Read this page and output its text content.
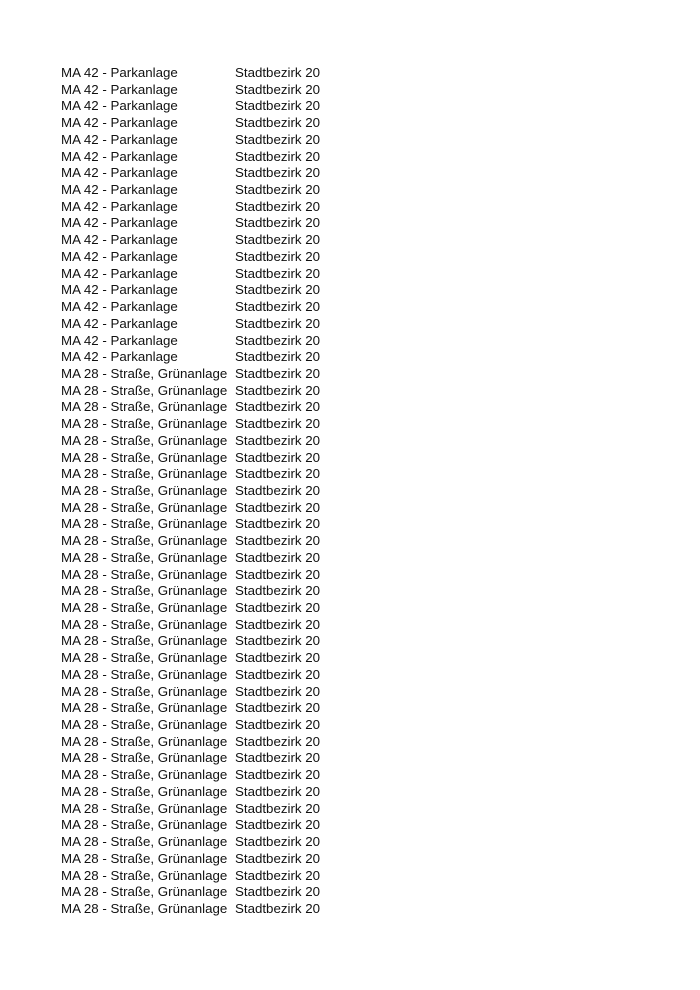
MA 42 - Parkanlage	Stadtbezirk 20
MA 42 - Parkanlage	Stadtbezirk 20
MA 42 - Parkanlage	Stadtbezirk 20
MA 42 - Parkanlage	Stadtbezirk 20
MA 42 - Parkanlage	Stadtbezirk 20
MA 42 - Parkanlage	Stadtbezirk 20
MA 42 - Parkanlage	Stadtbezirk 20
MA 42 - Parkanlage	Stadtbezirk 20
MA 42 - Parkanlage	Stadtbezirk 20
MA 42 - Parkanlage	Stadtbezirk 20
MA 42 - Parkanlage	Stadtbezirk 20
MA 42 - Parkanlage	Stadtbezirk 20
MA 42 - Parkanlage	Stadtbezirk 20
MA 42 - Parkanlage	Stadtbezirk 20
MA 42 - Parkanlage	Stadtbezirk 20
MA 42 - Parkanlage	Stadtbezirk 20
MA 42 - Parkanlage	Stadtbezirk 20
MA 42 - Parkanlage	Stadtbezirk 20
MA 28 - Straße, Grünanlage	Stadtbezirk 20
MA 28 - Straße, Grünanlage	Stadtbezirk 20
MA 28 - Straße, Grünanlage	Stadtbezirk 20
MA 28 - Straße, Grünanlage	Stadtbezirk 20
MA 28 - Straße, Grünanlage	Stadtbezirk 20
MA 28 - Straße, Grünanlage	Stadtbezirk 20
MA 28 - Straße, Grünanlage	Stadtbezirk 20
MA 28 - Straße, Grünanlage	Stadtbezirk 20
MA 28 - Straße, Grünanlage	Stadtbezirk 20
MA 28 - Straße, Grünanlage	Stadtbezirk 20
MA 28 - Straße, Grünanlage	Stadtbezirk 20
MA 28 - Straße, Grünanlage	Stadtbezirk 20
MA 28 - Straße, Grünanlage	Stadtbezirk 20
MA 28 - Straße, Grünanlage	Stadtbezirk 20
MA 28 - Straße, Grünanlage	Stadtbezirk 20
MA 28 - Straße, Grünanlage	Stadtbezirk 20
MA 28 - Straße, Grünanlage	Stadtbezirk 20
MA 28 - Straße, Grünanlage	Stadtbezirk 20
MA 28 - Straße, Grünanlage	Stadtbezirk 20
MA 28 - Straße, Grünanlage	Stadtbezirk 20
MA 28 - Straße, Grünanlage	Stadtbezirk 20
MA 28 - Straße, Grünanlage	Stadtbezirk 20
MA 28 - Straße, Grünanlage	Stadtbezirk 20
MA 28 - Straße, Grünanlage	Stadtbezirk 20
MA 28 - Straße, Grünanlage	Stadtbezirk 20
MA 28 - Straße, Grünanlage	Stadtbezirk 20
MA 28 - Straße, Grünanlage	Stadtbezirk 20
MA 28 - Straße, Grünanlage	Stadtbezirk 20
MA 28 - Straße, Grünanlage	Stadtbezirk 20
MA 28 - Straße, Grünanlage	Stadtbezirk 20
MA 28 - Straße, Grünanlage	Stadtbezirk 20
MA 28 - Straße, Grünanlage	Stadtbezirk 20
MA 28 - Straße, Grünanlage	Stadtbezirk 20
